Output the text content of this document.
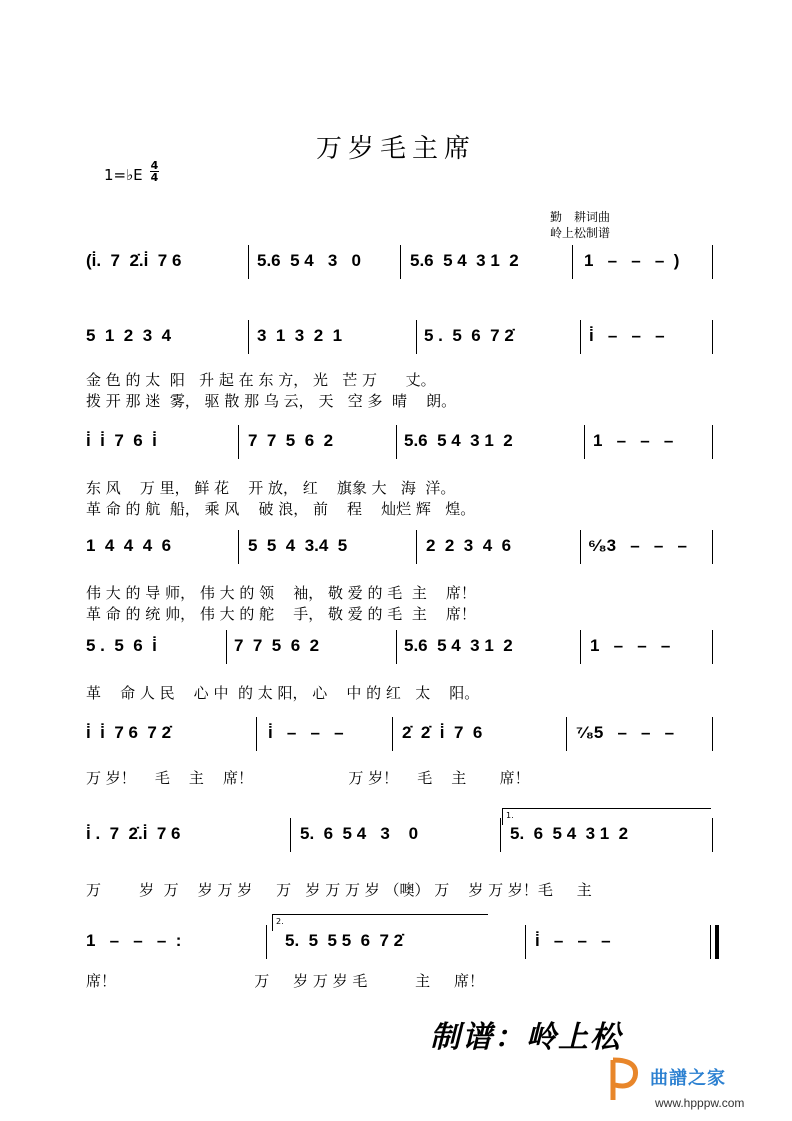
万岁毛主席
1=♭E
4
4
勤　耕词曲
岭上松制谱
(i̇.  7  2̇.i̇  7 6	5.6  5 4   3   0	5.6  5 4  3 1  2	1   –   –   –  )
5  1  2  3  4	3  1  3  2  1	5 .  5  6  7 2̇	i̇   –   –   –
i̇  i̇  7  6  i̇	7  7  5  6  2	5.6  5 4  3 1  2	1   –   –   –
1  4  4  4  6	5  5  4  3.4  5	2  2  3  4  6	⁶⁄₈3   –   –   –
5 .  5  6  i̇	7  7  5  6  2	5.6  5 4  3 1  2	1   –   –   –
i̇  i̇  7 6  7 2̇	i̇   –   –   –	2̇  2̇  i̇  7  6	⁷⁄₈5   –   –   –
i̇ .  7  2̇.i̇  7 6	5.  6  5 4   3    0	5.  6  5 4  3 1  2
1   –   –   –  :	5.  5  5 5  6  7 2̇	i̇   –   –   –
金 色 的 太  阳   升 起 在 东 方， 光   芒 万      丈。
拨 开 那 迷  雾， 驱 散 那 乌 云， 天   空 多  晴    朗。
东 风    万 里， 鲜 花    开 放， 红    旗象 大   海  洋。
革 命 的 航  船， 乘 风    破 浪， 前    程    灿烂 辉   煌。
伟 大 的 导 师， 伟 大 的 领    袖， 敬 爱 的 毛  主    席！
革 命 的 统 帅， 伟 大 的 舵    手， 敬 爱 的 毛  主    席！
革    命 人 民    心 中  的 太 阳， 心    中 的 红   太    阳。
万 岁！    毛    主    席！                    万 岁！    毛    主       席！
万        岁  万    岁 万 岁     万   岁 万 万 岁 （噢） 万    岁 万 岁！毛     主
席！                             万     岁 万 岁 毛          主     席！
1.
2.
制谱：岭上松
曲譜之家
www.hpppw.com
